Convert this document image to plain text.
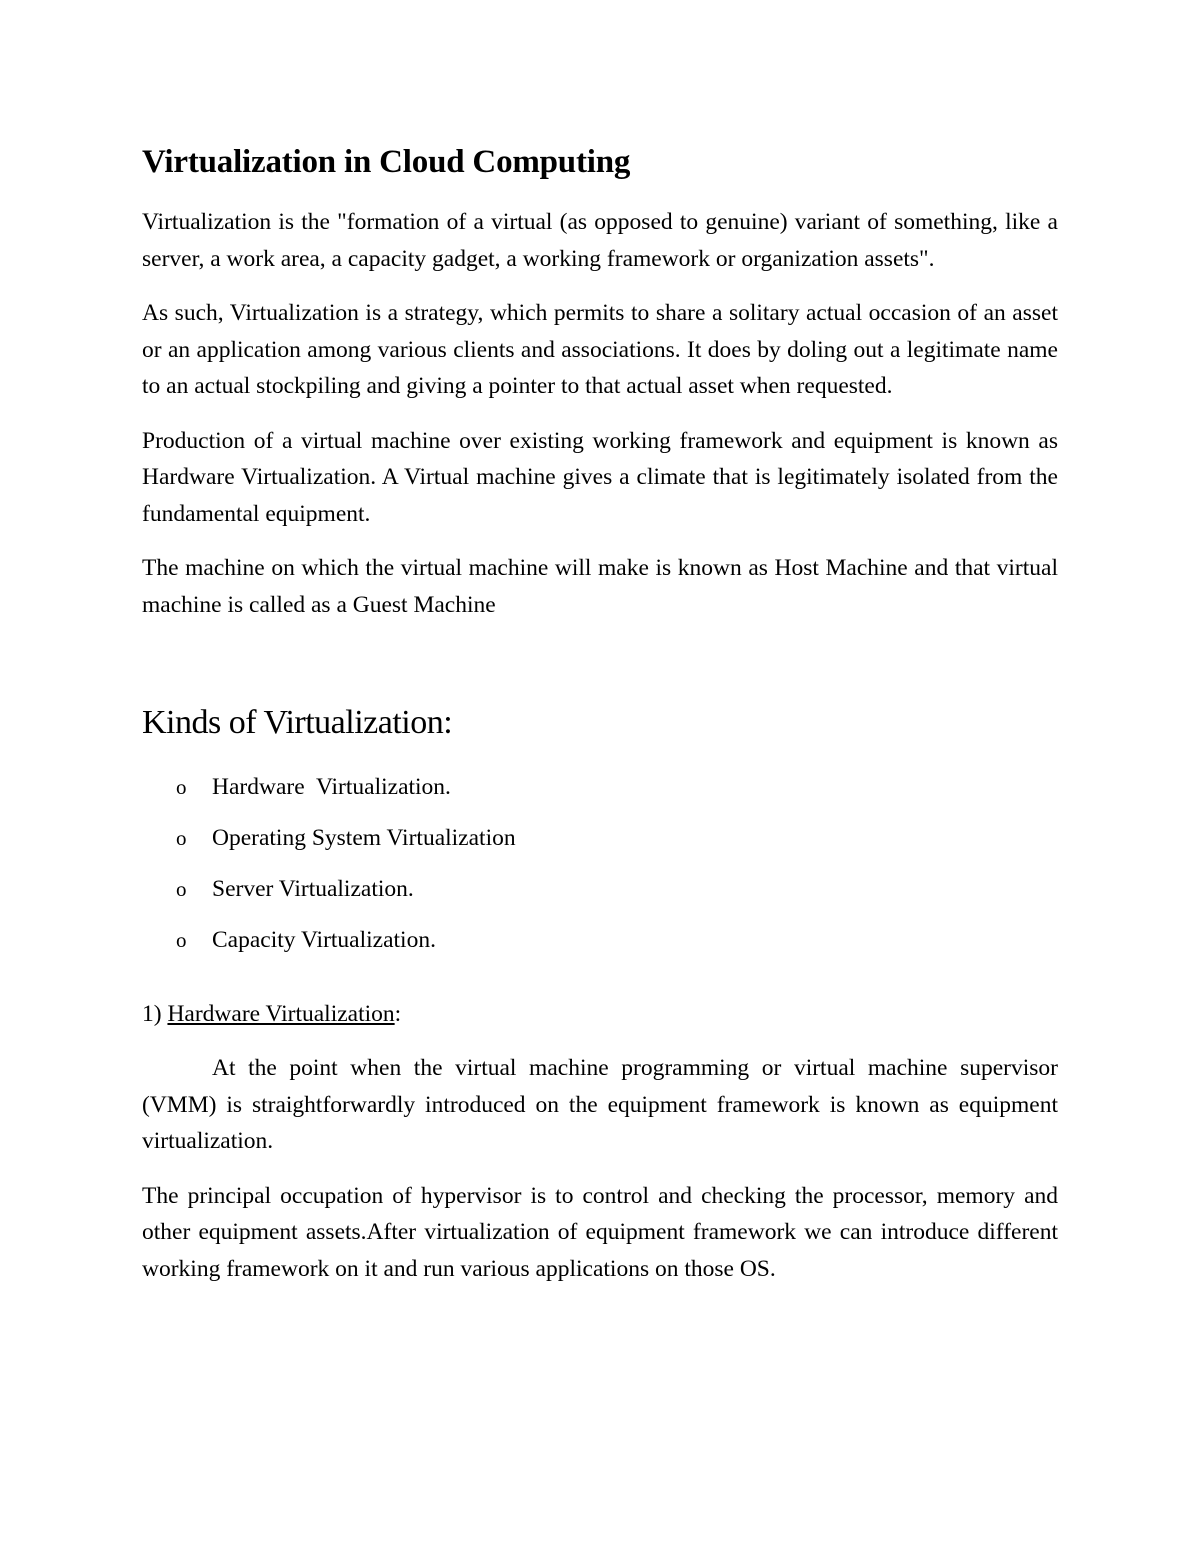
Virtualization in Cloud Computing

Virtualization is the "formation of a virtual (as opposed to genuine) variant of something, like a server, a work area, a capacity gadget, a working framework or organization assets".

As such, Virtualization is a strategy, which permits to share a solitary actual occasion of an asset or an application among various clients and associations. It does by doling out a legitimate name to an actual stockpiling and giving a pointer to that actual asset when requested.

Production of a virtual machine over existing working framework and equipment is known as Hardware Virtualization. A Virtual machine gives a climate that is legitimately isolated from the fundamental equipment.

The machine on which the virtual machine will make is known as Host Machine and that virtual machine is called as a Guest Machine

Kinds of Virtualization:
o	Hardware  Virtualization.
o	Operating System Virtualization
o	Server Virtualization.
o	Capacity Virtualization.
1) Hardware Virtualization:

At the point when the virtual machine programming or virtual machine supervisor (VMM) is straightforwardly introduced on the equipment framework is known as equipment virtualization.

The principal occupation of hypervisor is to control and checking the processor, memory and other equipment assets.After virtualization of equipment framework we can introduce different working framework on it and run various applications on those OS.
